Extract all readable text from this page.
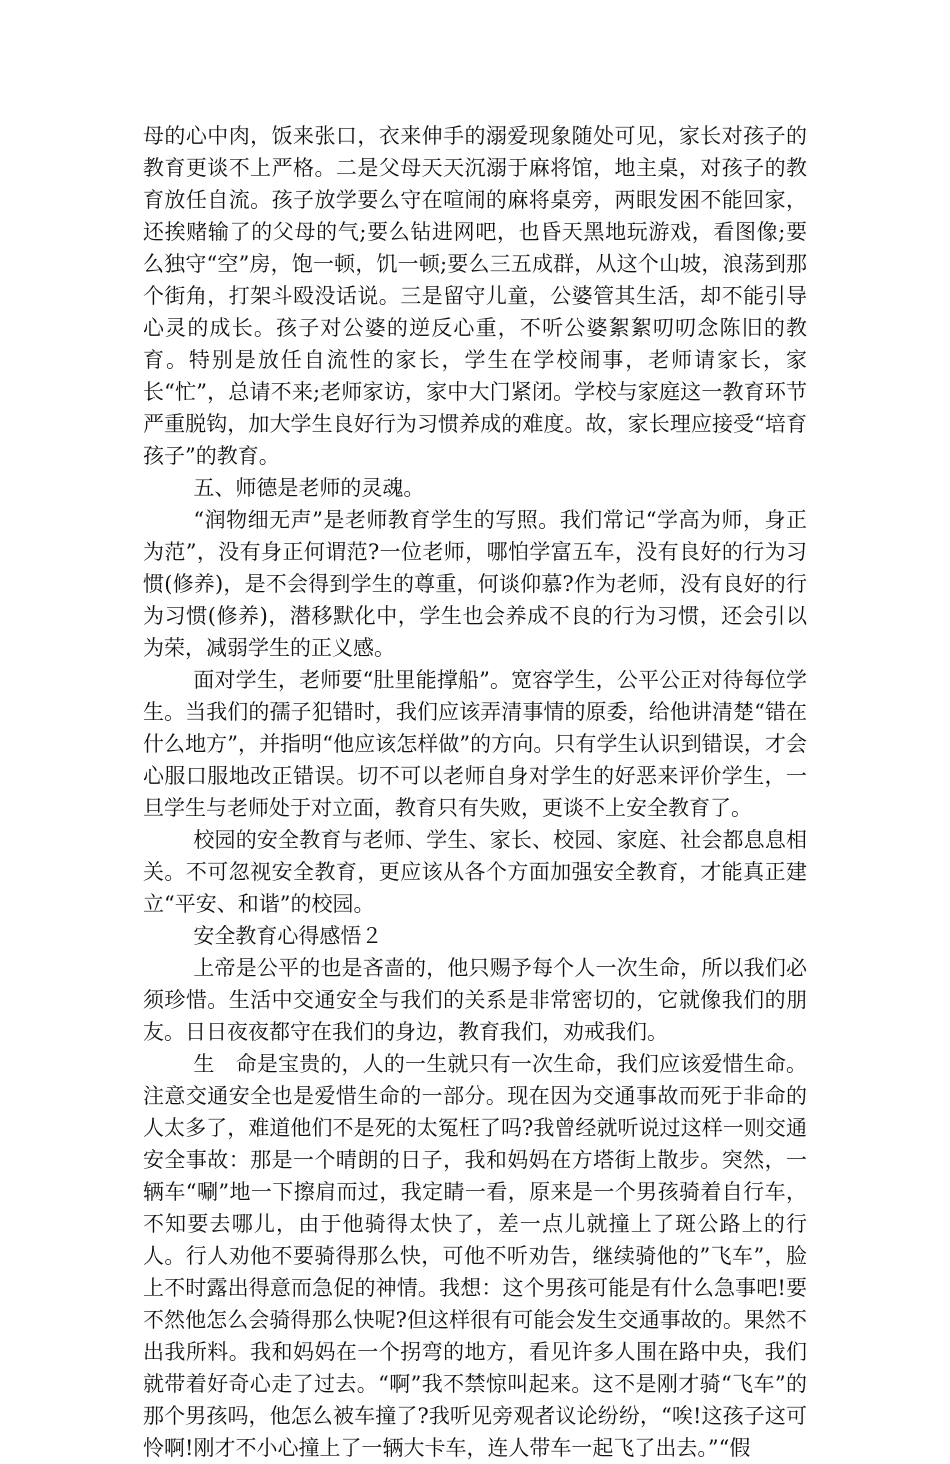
母的心中肉，饭来张口，衣来伸手的溺爱现象随处可见，家长对孩子的教育更谈不上严格。二是父母天天沉溺于麻将馆，地主桌，对孩子的教育放任自流。孩子放学要么守在喧闹的麻将桌旁，两眼发困不能回家，还挨赌输了的父母的气;要么钻进网吧，也昏天黑地玩游戏，看图像;要么独守“空”房，饱一顿，饥一顿;要么三五成群，从这个山坡，浪荡到那个街角，打架斗殴没话说。三是留守儿童，公婆管其生活，却不能引导心灵的成长。孩子对公婆的逆反心重，不听公婆絮絮叨叨念陈旧的教育。特别是放任自流性的家长，学生在学校闹事，老师请家长，家长“忙”，总请不来;老师家访，家中大门紧闭。学校与家庭这一教育环节严重脱钩，加大学生良好行为习惯养成的难度。故，家长理应接受“培育孩子”的教育。

五、师德是老师的灵魂。

“润物细无声”是老师教育学生的写照。我们常记“学高为师，身正为范”，没有身正何谓范?一位老师，哪怕学富五车，没有良好的行为习惯(修养)，是不会得到学生的尊重，何谈仰慕?作为老师，没有良好的行为习惯(修养)，潜移默化中，学生也会养成不良的行为习惯，还会引以为荣，减弱学生的正义感。

面对学生，老师要“肚里能撑船”。宽容学生，公平公正对待每位学生。当我们的孺子犯错时，我们应该弄清事情的原委，给他讲清楚“错在什么地方”，并指明“他应该怎样做”的方向。只有学生认识到错误，才会心服口服地改正错误。切不可以老师自身对学生的好恶来评价学生，一旦学生与老师处于对立面，教育只有失败，更谈不上安全教育了。

校园的安全教育与老师、学生、家长、校园、家庭、社会都息息相关。不可忽视安全教育，更应该从各个方面加强安全教育，才能真正建立“平安、和谐”的校园。

安全教育心得感悟２

上帝是公平的也是吝啬的，他只赐予每个人一次生命，所以我们必须珍惜。生活中交通安全与我们的关系是非常密切的，它就像我们的朋友。日日夜夜都守在我们的身边，教育我们，劝戒我们。

生　命是宝贵的，人的一生就只有一次生命，我们应该爱惜生命。注意交通安全也是爱惜生命的一部分。现在因为交通事故而死于非命的人太多了，难道他们不是死的太冤枉了吗?我曾经就听说过这样一则交通安全事故：那是一个晴朗的日子，我和妈妈在方塔街上散步。突然，一辆车“唰”地一下擦肩而过，我定睛一看，原来是一个男孩骑着自行车，不知要去哪儿，由于他骑得太快了，差一点儿就撞上了斑公路上的行人。行人劝他不要骑得那么快，可他不听劝告，继续骑他的”飞车”，脸上不时露出得意而急促的神情。我想：这个男孩可能是有什么急事吧!要不然他怎么会骑得那么快呢?但这样很有可能会发生交通事故的。果然不出我所料。我和妈妈在一个拐弯的地方，看见许多人围在路中央，我们就带着好奇心走了过去。“啊”我不禁惊叫起来。这不是刚才骑“飞车”的那个男孩吗，他怎么被车撞了?我听见旁观者议论纷纷，“唉!这孩子这可怜啊!刚才不小心撞上了一辆大卡车，连人带车一起飞了出去。”“假
